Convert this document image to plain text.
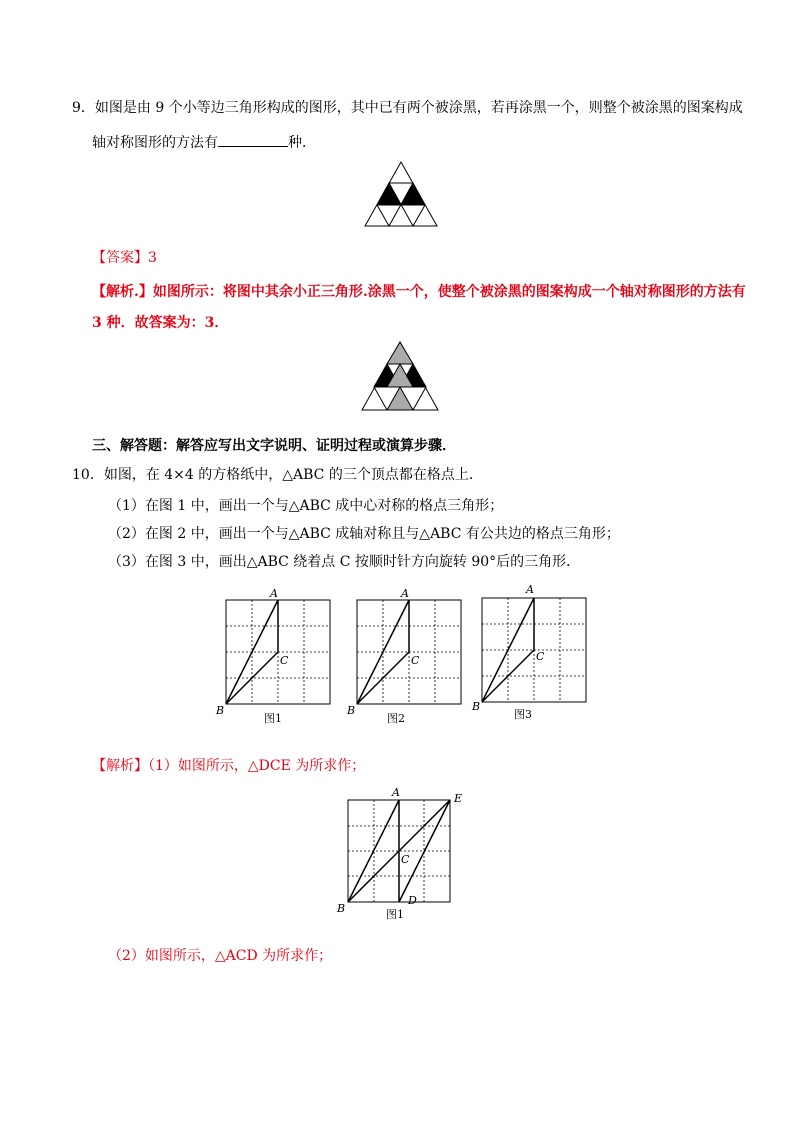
9．如图是由 9 个小等边三角形构成的图形，其中已有两个被涂黑，若再涂黑一个，则整个被涂黑的图案构成
轴对称图形的方法有	种．
【答案】3
【解析.】如图所示：将图中其余小正三角形.涂黑一个，使整个被涂黑的图案构成一个轴对称图形的方法有
3 种．故答案为：3．
三、解答题：解答应写出文字说明、证明过程或演算步骤．
10．如图，在 4×4 的方格纸中，△ABC 的三个顶点都在格点上．
（1）在图 1 中，画出一个与△ABC 成中心对称的格点三角形；
（2）在图 2 中，画出一个与△ABC 成轴对称且与△ABC 有公共边的格点三角形；
（3）在图 3 中，画出△ABC 绕着点 C 按顺时针方向旋转 90°后的三角形．
A
B
C
图1
A
B
C
图2
A
B
C
图3
【解析】（1）如图所示，△DCE 为所求作；
A
B
C
D
E
图1
（2）如图所示，△ACD 为所求作；
